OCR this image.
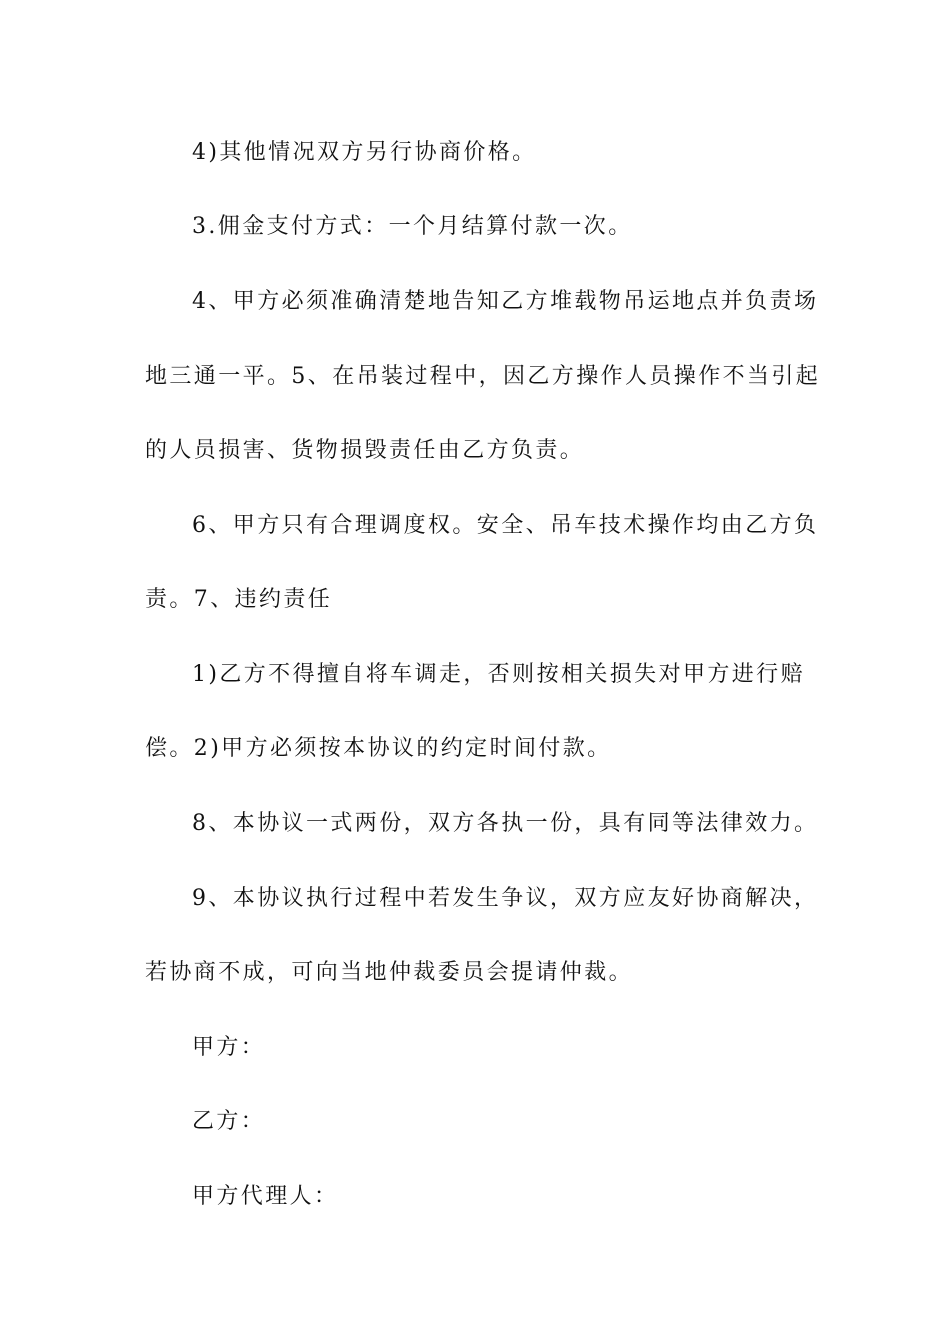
4)其他情况双方另行协商价格。
3.佣金支付方式：一个月结算付款一次。
4、甲方必须准确清楚地告知乙方堆载物吊运地点并负责场
地三通一平。5、在吊装过程中，因乙方操作人员操作不当引起
的人员损害、货物损毁责任由乙方负责。
6、甲方只有合理调度权。安全、吊车技术操作均由乙方负
责。7、违约责任
1)乙方不得擅自将车调走，否则按相关损失对甲方进行赔
偿。2)甲方必须按本协议的约定时间付款。
8、本协议一式两份，双方各执一份，具有同等法律效力。
9、本协议执行过程中若发生争议，双方应友好协商解决，
若协商不成，可向当地仲裁委员会提请仲裁。
甲方：
乙方：
甲方代理人：
